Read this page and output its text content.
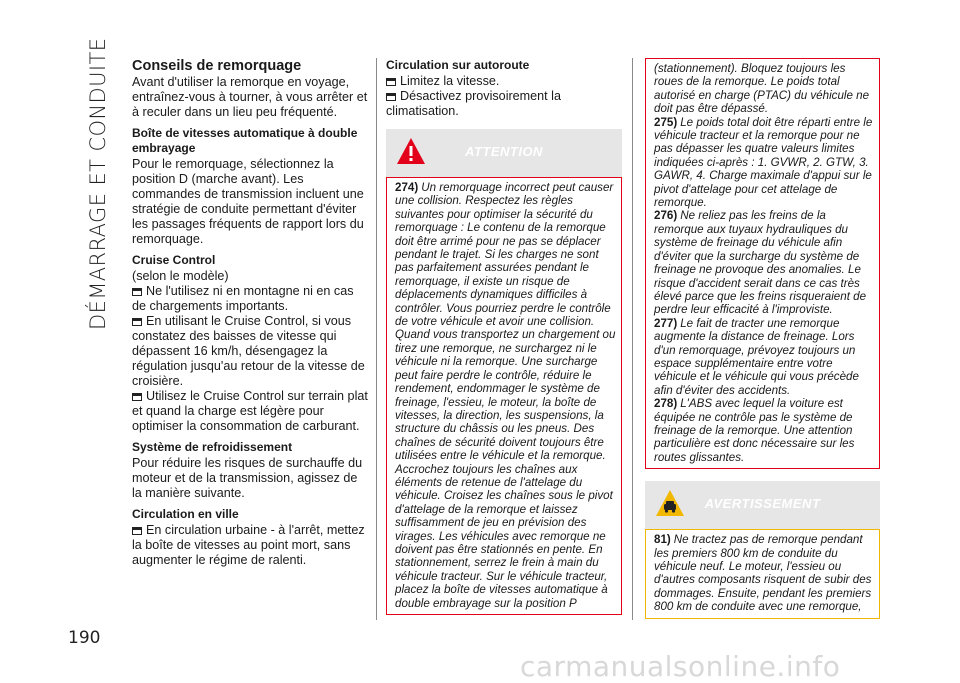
DÉMARRAGE ET CONDUITE
190
Conseils de remorquage

Avant d'utiliser la remorque en voyage, entraînez-vous à tourner, à vous arrêter et à reculer dans un lieu peu fréquenté.

Boîte de vitesses automatique à double embrayage

Pour le remorquage, sélectionnez la position D (marche avant). Les commandes de transmission incluent une stratégie de conduite permettant d'éviter les passages fréquents de rapport lors du remorquage.

Cruise Control

(selon le modèle)

Ne l'utilisez ni en montagne ni en cas de chargements importants.
En utilisant le Cruise Control, si vous constatez des baisses de vitesse qui dépassent 16 km/h, désengagez la régulation jusqu'au retour de la vitesse de croisière.
Utilisez le Cruise Control sur terrain plat et quand la charge est légère pour optimiser la consommation de carburant.
Système de refroidissement

Pour réduire les risques de surchauffe du moteur et de la transmission, agissez de la manière suivante.

Circulation en ville
En circulation urbaine - à l'arrêt, mettez la boîte de vitesses au point mort, sans augmenter le régime de ralenti.
Circulation sur autoroute
Limitez la vitesse.
Désactivez provisoirement la climatisation.
ATTENTION

274) Un remorquage incorrect peut causer une collision. Respectez les règles suivantes pour optimiser la sécurité du remorquage : Le contenu de la remorque doit être arrimé pour ne pas se déplacer pendant le trajet. Si les charges ne sont pas parfaitement assurées pendant le remorquage, il existe un risque de déplacements dynamiques difficiles à contrôler. Vous pourriez perdre le contrôle de votre véhicule et avoir une collision. Quand vous transportez un chargement ou tirez une remorque, ne surchargez ni le véhicule ni la remorque. Une surcharge peut faire perdre le contrôle, réduire le rendement, endommager le système de freinage, l'essieu, le moteur, la boîte de vitesses, la direction, les suspensions, la structure du châssis ou les pneus. Des chaînes de sécurité doivent toujours être utilisées entre le véhicule et la remorque. Accrochez toujours les chaînes aux éléments de retenue de l'attelage du véhicule. Croisez les chaînes sous le pivot d'attelage de la remorque et laissez suffisamment de jeu en prévision des virages. Les véhicules avec remorque ne doivent pas être stationnés en pente. En stationnement, serrez le frein à main du véhicule tracteur. Sur le véhicule tracteur, placez la boîte de vitesses automatique à double embrayage sur la position P

(stationnement). Bloquez toujours les roues de la remorque. Le poids total autorisé en charge (PTAC) du véhicule ne doit pas être dépassé.

275) Le poids total doit être réparti entre le véhicule tracteur et la remorque pour ne pas dépasser les quatre valeurs limites indiquées ci-après : 1. GVWR, 2. GTW, 3. GAWR, 4. Charge maximale d'appui sur le pivot d'attelage pour cet attelage de remorque.

276) Ne reliez pas les freins de la remorque aux tuyaux hydrauliques du système de freinage du véhicule afin d'éviter que la surcharge du système de freinage ne provoque des anomalies. Le risque d'accident serait dans ce cas très élevé parce que les freins risqueraient de perdre leur efficacité à l'improviste.

277) Le fait de tracter une remorque augmente la distance de freinage. Lors d'un remorquage, prévoyez toujours un espace supplémentaire entre votre véhicule et le véhicule qui vous précède afin d'éviter des accidents.

278) L'ABS avec lequel la voiture est équipée ne contrôle pas le système de freinage de la remorque. Une attention particulière est donc nécessaire sur les routes glissantes.

AVERTISSEMENT

81) Ne tractez pas de remorque pendant les premiers 800 km de conduite du véhicule neuf. Le moteur, l'essieu ou d'autres composants risquent de subir des dommages. Ensuite, pendant les premiers 800 km de conduite avec une remorque,

carmanualsonline.info
